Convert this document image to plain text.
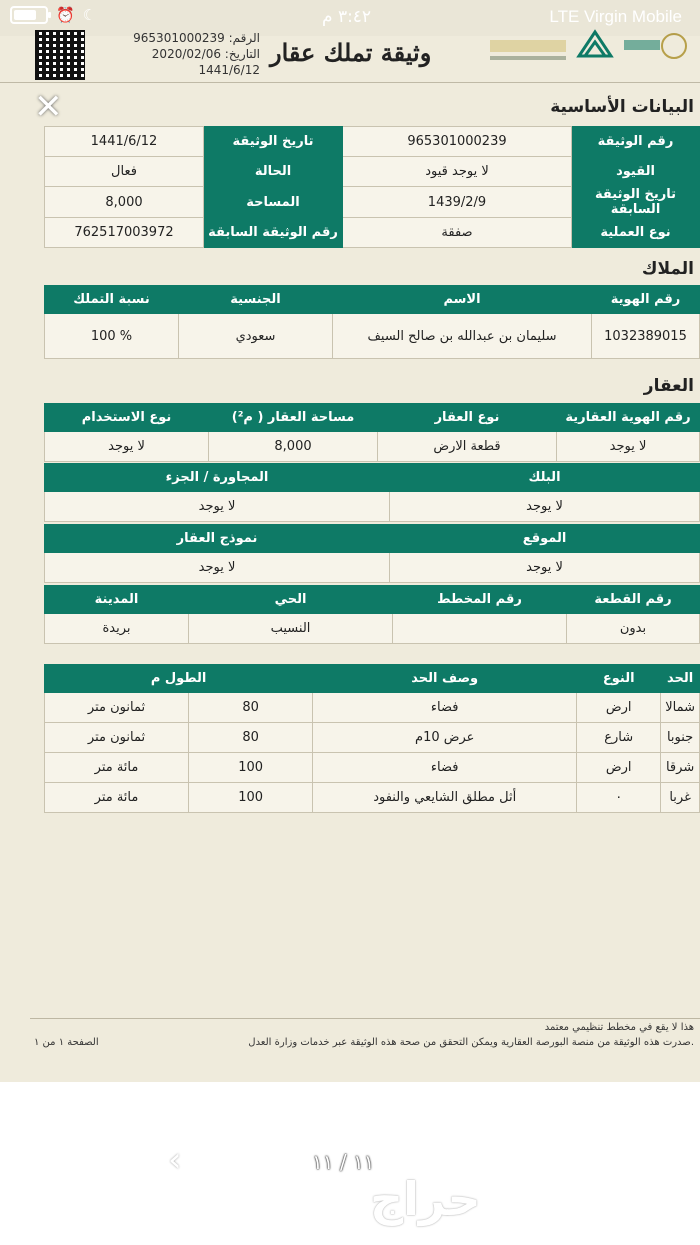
الرقم: 965301000239
التاريخ: 2020/02/06
1441/6/12
وثيقة تملك عقار
البيانات الأساسية
1441/6/12	تاريخ الوثيقة	965301000239	رقم الوثيقة
فعال	الحالة	لا يوجد قيود	القيود
8,000	المساحة	1439/2/9	تاريخ الوثيقة السابقة
762517003972	رقم الوثيقة السابقة	صفقة	نوع العملية
الملاك
نسبة التملك	الجنسية	الاسم	رقم الهوية
100 %	سعودي	سليمان بن عبدالله بن صالح السيف	1032389015
العقار
نوع الاستخدام	مساحة العقار ( م²)	نوع العقار	رقم الهوية العقارية
لا يوجد	8,000	قطعة الارض	لا يوجد
المجاورة / الجزء	البلك
لا يوجد	لا يوجد
نموذج العقار	الموقع
لا يوجد	لا يوجد
المدينة	الحي	رقم المخطط	رقم القطعة
بريدة	النسيب		بدون
الطول م		وصف الحد	النوع	الحد
ثمانون متر	80	فضاء	ارض	شمالا
ثمانون متر	80	عرض 10م	شارع	جنوبا
مائة متر	100	فضاء	ارض	شرقا
مائة متر	100	أثل مطلق الشايعي والنفود	٠	غربا
هذا لا يقع في مخطط تنظيمي معتمد
صدرت هذه الوثيقة من منصة البورصة العقارية ويمكن التحقق من صحة هذه الوثيقة عبر خدمات وزارة العدل.
الصفحة ١ من ١
✕
⏰ ☾	٣:٤٢ م	LTE Virgin Mobile
‹	١١ / ١١
حراج
